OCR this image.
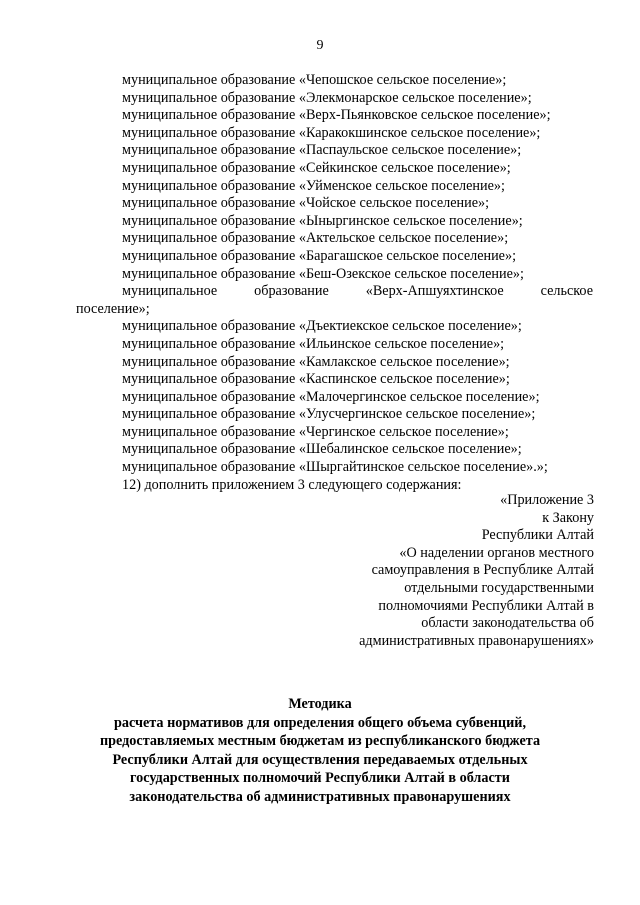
9
муниципальное образование «Чепошское сельское поселение»;
муниципальное образование «Элекмонарское сельское поселение»;
муниципальное образование «Верх-Пьянковское сельское поселение»;
муниципальное образование «Каракокшинское сельское поселение»;
муниципальное образование «Паспаульское сельское поселение»;
муниципальное образование «Сейкинское сельское поселение»;
муниципальное образование «Уйменское сельское поселение»;
муниципальное образование «Чойское сельское поселение»;
муниципальное образование «Ыныргинское сельское поселение»;
муниципальное образование «Актельское сельское поселение»;
муниципальное образование «Барагашское сельское поселение»;
муниципальное образование «Беш-Озекское сельское поселение»;
муниципальное	образование	«Верх-Апшуяхтинское	сельское
поселение»;
муниципальное образование «Дъектиекское сельское поселение»;
муниципальное образование «Ильинское сельское поселение»;
муниципальное образование «Камлакское сельское поселение»;
муниципальное образование «Каспинское сельское поселение»;
муниципальное образование «Малочергинское сельское поселение»;
муниципальное образование «Улусчергинское сельское поселение»;
муниципальное образование «Чергинское сельское поселение»;
муниципальное образование «Шебалинское сельское поселение»;
муниципальное образование «Шыргайтинское сельское поселение».»;
12) дополнить приложением 3 следующего содержания:
«Приложение 3
к Закону
Республики Алтай
«О наделении органов местного
самоуправления в Республике Алтай
отдельными государственными
полномочиями Республики Алтай в
области законодательства об
административных правонарушениях»
Методика
расчета нормативов для определения общего объема субвенций,
предоставляемых местным бюджетам из республиканского бюджета
Республики Алтай для осуществления передаваемых отдельных
государственных полномочий Республики Алтай в области
законодательства об административных правонарушениях
